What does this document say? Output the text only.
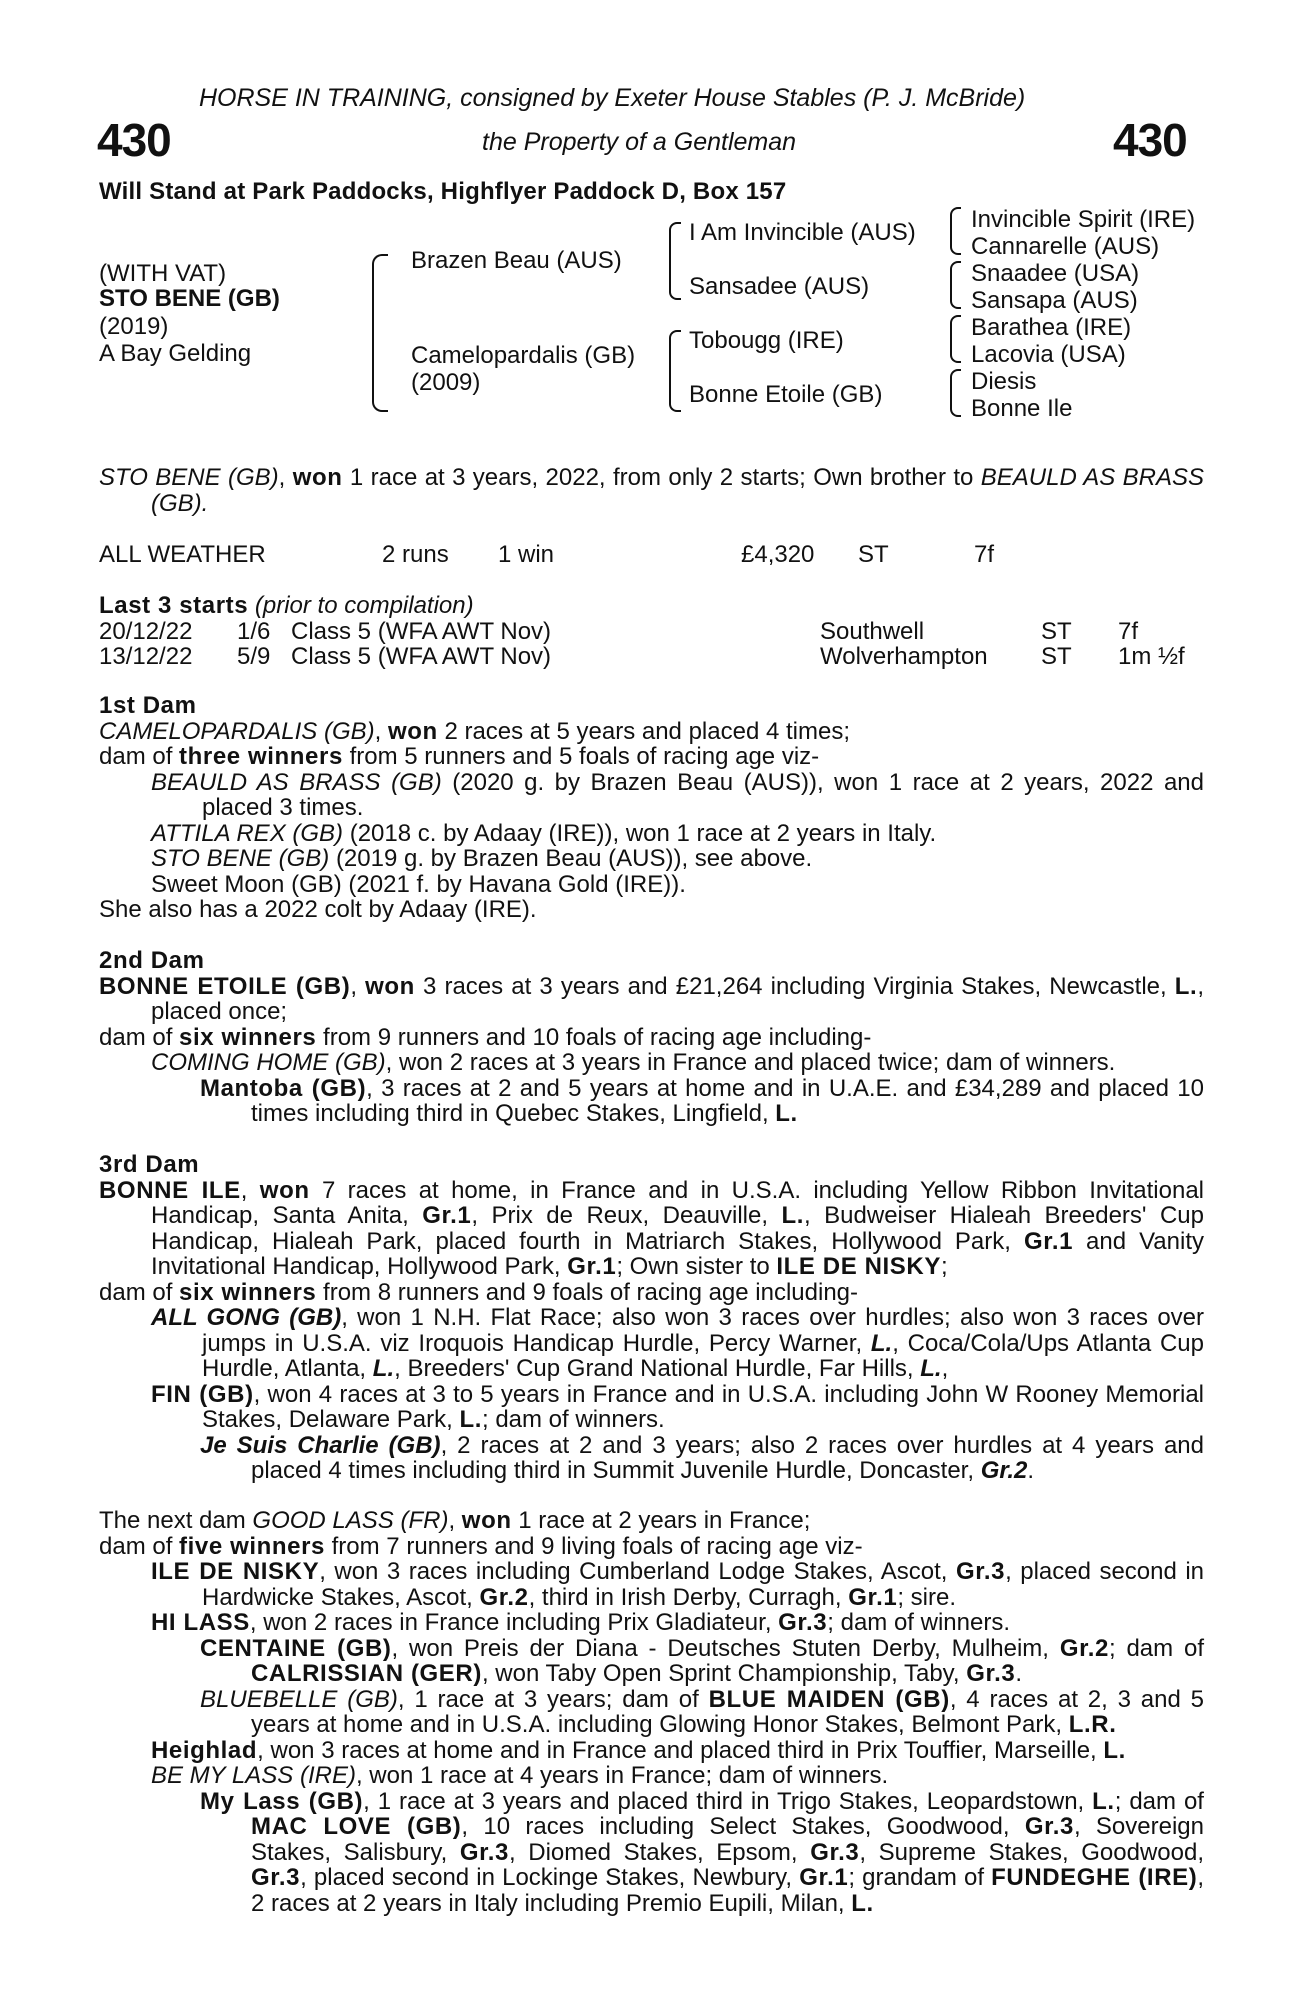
HORSE IN TRAINING, consigned by Exeter House Stables (P. J. McBride)
430	the Property of a Gentleman	430
Will Stand at Park Paddocks, Highflyer Paddock D, Box 157
(WITH VAT)
STO BENE (GB)
(2019)
A Bay Gelding
Brazen Beau (AUS)
Camelopardalis (GB)
(2009)
I Am Invincible (AUS)
Sansadee (AUS)
Tobougg (IRE)
Bonne Etoile (GB)
Invincible Spirit (IRE)
Cannarelle (AUS)
Snaadee (USA)
Sansapa (AUS)
Barathea (IRE)
Lacovia (USA)
Diesis
Bonne Ile

STO BENE (GB), won 1 race at 3 years, 2022, from only 2 starts; Own brother to BEAULD AS BRASS (GB).

ALL WEATHER	2 runs 1 win	£4,320 ST	7f
Last 3 starts (prior to compilation)
20/12/22 1/6 Class 5 (WFA AWT Nov)	Southwell	ST 7f
13/12/22 5/9 Class 5 (WFA AWT Nov)	Wolverhampton ST 1m ½f

1st Dam

CAMELOPARDALIS (GB), won 2 races at 5 years and placed 4 times;

dam of three winners from 5 runners and 5 foals of racing age viz-

BEAULD AS BRASS (GB) (2020 g. by Brazen Beau (AUS)), won 1 race at 2 years, 2022 and placed 3 times.

ATTILA REX (GB) (2018 c. by Adaay (IRE)), won 1 race at 2 years in Italy.

STO BENE (GB) (2019 g. by Brazen Beau (AUS)), see above.

Sweet Moon (GB) (2021 f. by Havana Gold (IRE)).

She also has a 2022 colt by Adaay (IRE).

2nd Dam

BONNE ETOILE (GB), won 3 races at 3 years and £21,264 including Virginia Stakes, Newcastle, L., placed once;

dam of six winners from 9 runners and 10 foals of racing age including-

COMING HOME (GB), won 2 races at 3 years in France and placed twice; dam of winners.

Mantoba (GB), 3 races at 2 and 5 years at home and in U.A.E. and £34,289 and placed 10 times including third in Quebec Stakes, Lingfield, L.

3rd Dam

BONNE ILE, won 7 races at home, in France and in U.S.A. including Yellow Ribbon Invitational Handicap, Santa Anita, Gr.1, Prix de Reux, Deauville, L., Budweiser Hialeah Breeders' Cup Handicap, Hialeah Park, placed fourth in Matriarch Stakes, Hollywood Park, Gr.1 and Vanity Invitational Handicap, Hollywood Park, Gr.1; Own sister to ILE DE NISKY;

dam of six winners from 8 runners and 9 foals of racing age including-

ALL GONG (GB), won 1 N.H. Flat Race; also won 3 races over hurdles; also won 3 races over jumps in U.S.A. viz Iroquois Handicap Hurdle, Percy Warner, L., Coca/Cola/Ups Atlanta Cup Hurdle, Atlanta, L., Breeders' Cup Grand National Hurdle, Far Hills, L.,

FIN (GB), won 4 races at 3 to 5 years in France and in U.S.A. including John W Rooney Memorial Stakes, Delaware Park, L.; dam of winners.

Je Suis Charlie (GB), 2 races at 2 and 3 years; also 2 races over hurdles at 4 years and placed 4 times including third in Summit Juvenile Hurdle, Doncaster, Gr.2.

The next dam GOOD LASS (FR), won 1 race at 2 years in France;

dam of five winners from 7 runners and 9 living foals of racing age viz-

ILE DE NISKY, won 3 races including Cumberland Lodge Stakes, Ascot, Gr.3, placed second in Hardwicke Stakes, Ascot, Gr.2, third in Irish Derby, Curragh, Gr.1; sire.

HI LASS, won 2 races in France including Prix Gladiateur, Gr.3; dam of winners.

CENTAINE (GB), won Preis der Diana - Deutsches Stuten Derby, Mulheim, Gr.2; dam of CALRISSIAN (GER), won Taby Open Sprint Championship, Taby, Gr.3.

BLUEBELLE (GB), 1 race at 3 years; dam of BLUE MAIDEN (GB), 4 races at 2, 3 and 5 years at home and in U.S.A. including Glowing Honor Stakes, Belmont Park, L.R.

Heighlad, won 3 races at home and in France and placed third in Prix Touffier, Marseille, L.

BE MY LASS (IRE), won 1 race at 4 years in France; dam of winners.

My Lass (GB), 1 race at 3 years and placed third in Trigo Stakes, Leopardstown, L.; dam of MAC LOVE (GB), 10 races including Select Stakes, Goodwood, Gr.3, Sovereign Stakes, Salisbury, Gr.3, Diomed Stakes, Epsom, Gr.3, Supreme Stakes, Goodwood, Gr.3, placed second in Lockinge Stakes, Newbury, Gr.1; grandam of FUNDEGHE (IRE), 2 races at 2 years in Italy including Premio Eupili, Milan, L.
